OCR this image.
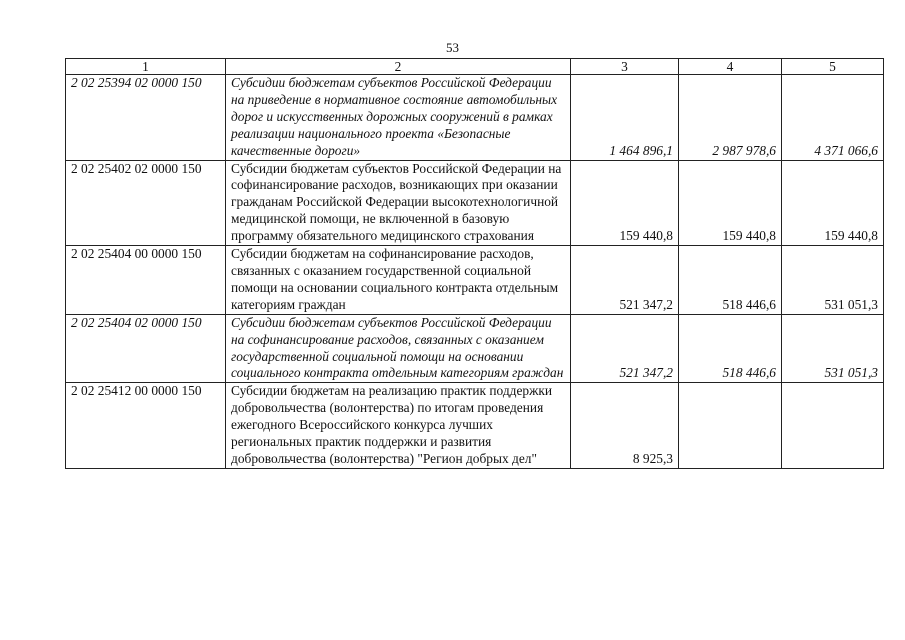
53
1	2	3	4	5
2 02 25394 02 0000 150	Субсидии бюджетам субъектов Российской Федерации на приведение в нормативное состояние автомобильных дорог и искусственных дорожных сооружений в рамках реализации национального проекта «Безопасные качественные дороги»	1 464 896,1	2 987 978,6	4 371 066,6
2 02 25402 02 0000 150	Субсидии бюджетам субъектов Российской Федерации на софинансирование расходов, возникающих при оказании гражданам Российской Федерации высокотехнологичной медицинской помощи, не включенной в базовую программу обязательного медицинского страхования	159 440,8	159 440,8	159 440,8
2 02 25404 00 0000 150	Субсидии бюджетам на софинансирование расходов, связанных с оказанием государственной социальной помощи на основании социального контракта отдельным категориям граждан	521 347,2	518 446,6	531 051,3
2 02 25404 02 0000 150	Субсидии бюджетам субъектов Российской Федерации на софинансирование расходов, связанных с оказанием государственной социальной помощи на основании социального контракта отдельным категориям граждан	521 347,2	518 446,6	531 051,3
2 02 25412 00 0000 150	Субсидии бюджетам на реализацию практик поддержки добровольчества (волонтерства) по итогам проведения ежегодного Всероссийского конкурса лучших региональных практик поддержки и развития добровольчества (волонтерства) "Регион добрых дел"	8 925,3		
